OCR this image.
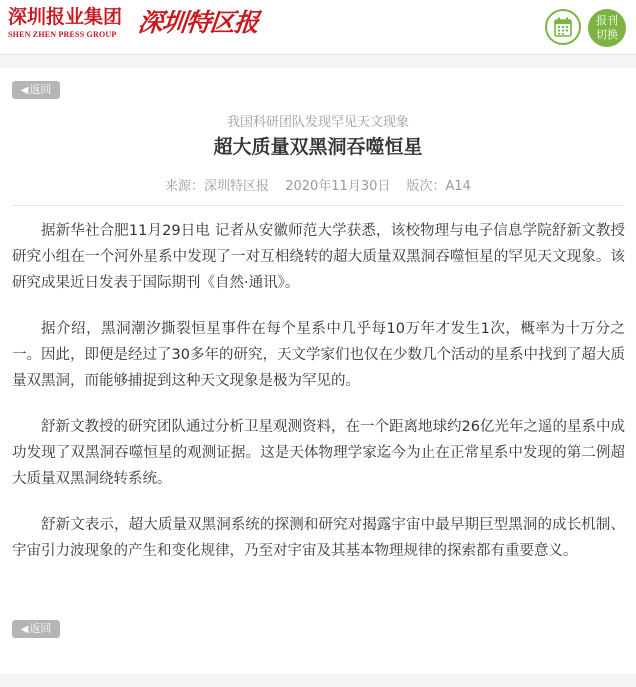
深圳报业集团
SHEN ZHEN PRESS GROUP 深圳特区报	报刊
切换
◀返回
我国科研团队发现罕见天文现象
超大质量双黑洞吞噬恒星
来源：深圳特区报 2020年11月30日 版次：A14

据新华社合肥11月29日电 记者从安徽师范大学获悉，该校物理与电子信息学院舒新文教授研究小组在一个河外星系中发现了一对互相绕转的超大质量双黑洞吞噬恒星的罕见天文现象。该研究成果近日发表于国际期刊《自然·通讯》。

据介绍，黑洞潮汐撕裂恒星事件在每个星系中几乎每10万年才发生1次，概率为十万分之一。因此，即便是经过了30多年的研究，天文学家们也仅在少数几个活动的星系中找到了超大质量双黑洞，而能够捕捉到这种天文现象是极为罕见的。

舒新文教授的研究团队通过分析卫星观测资料，在一个距离地球约26亿光年之遥的星系中成功发现了双黑洞吞噬恒星的观测证据。这是天体物理学家迄今为止在正常星系中发现的第二例超大质量双黑洞绕转系统。

舒新文表示，超大质量双黑洞系统的探测和研究对揭露宇宙中最早期巨型黑洞的成长机制、宇宙引力波现象的产生和变化规律，乃至对宇宙及其基本物理规律的探索都有重要意义。

◀返回
